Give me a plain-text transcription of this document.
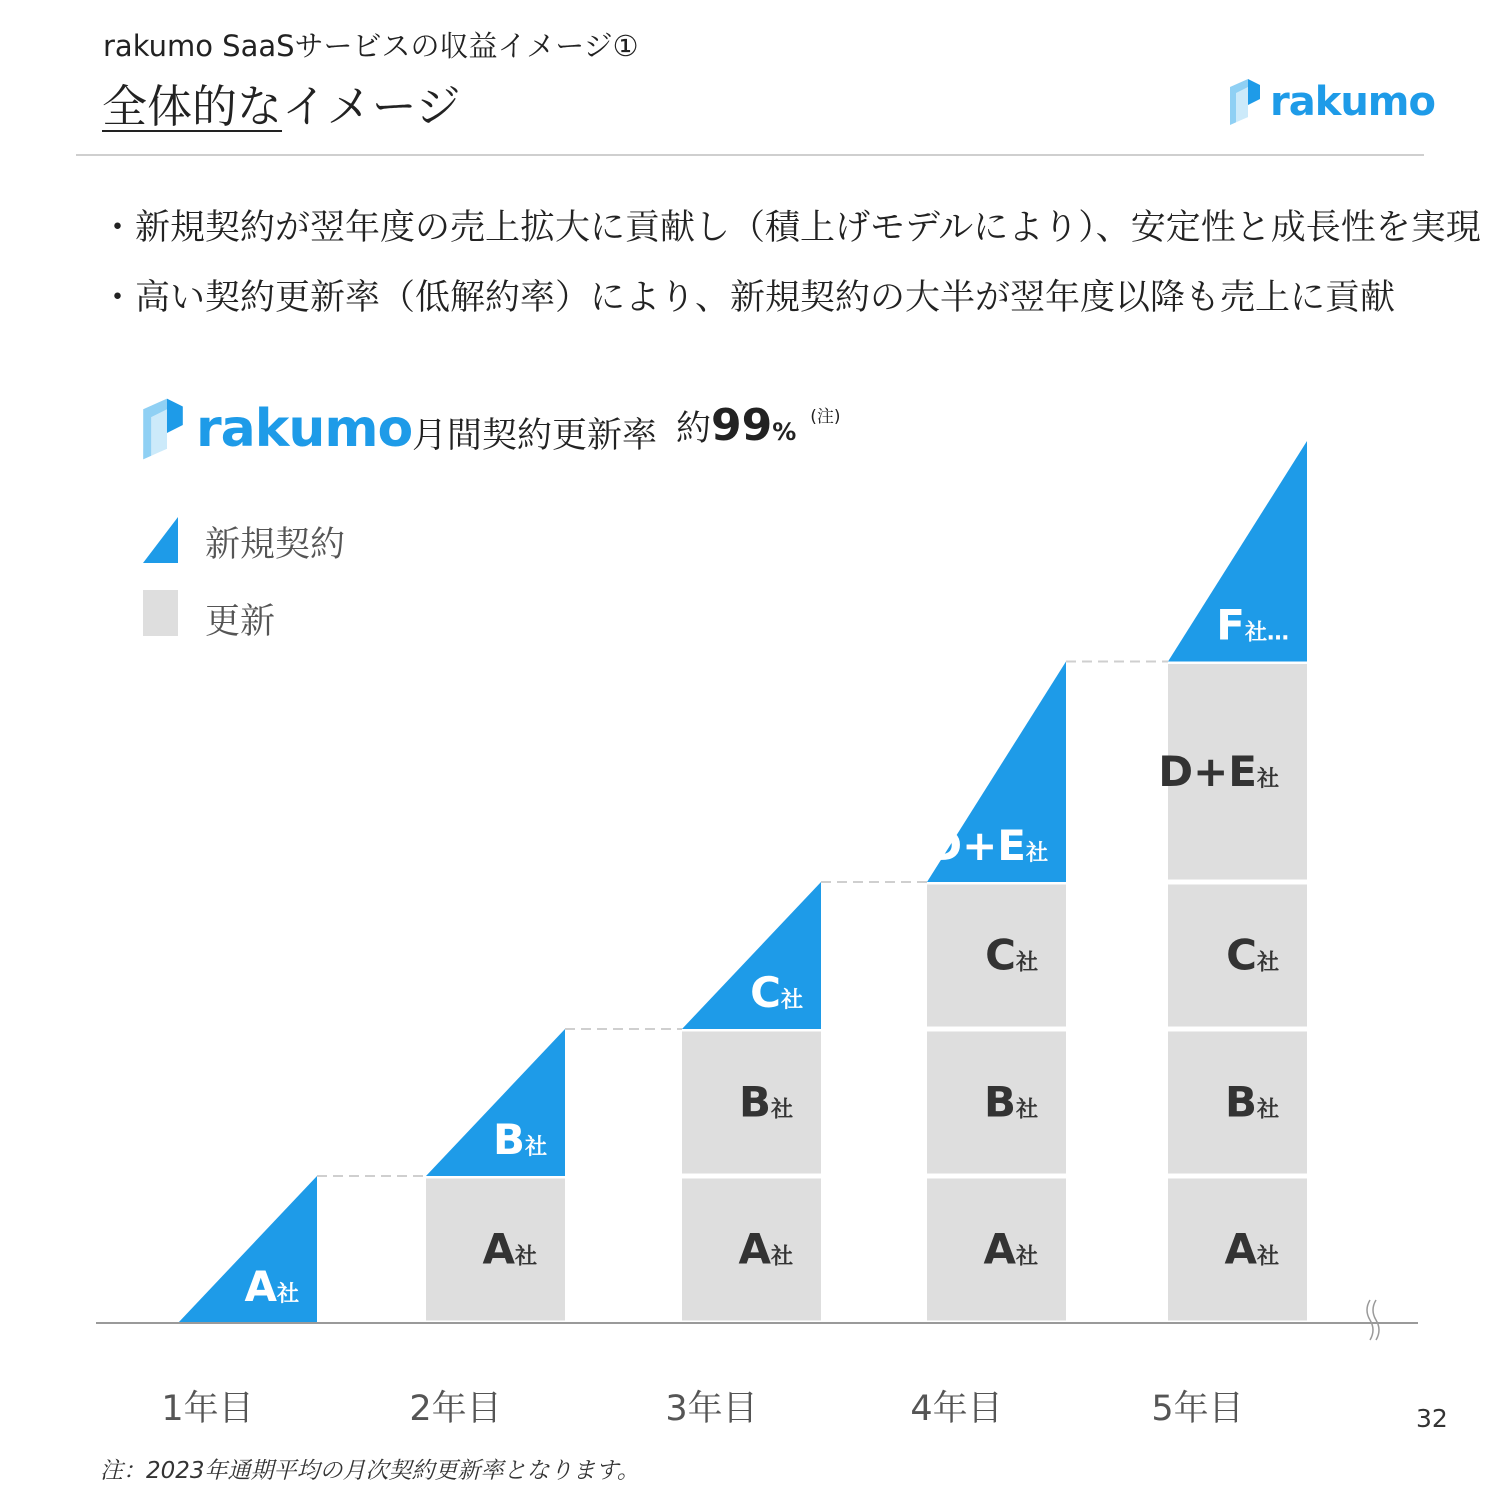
rakumo SaaSサービスの収益イメージ①
全体的なイメージ	rakumo
・新規契約が翌年度の売上拡大に貢献し（積上げモデルにより）、安定性と成長性を実現
・高い契約更新率（低解約率）により、新規契約の大半が翌年度以降も売上に貢献
rakumo 月間契約更新率 約99%$^{(注)}$
新規契約
更新
A社
1年目
A社
B社
2年目
A社
B社
C社
3年目
A社
B社
C社
D+E社
4年目
A社
B社
C社
D+E社
F社…
5年目
注：2023年通期平均の月次契約更新率となります。
32
